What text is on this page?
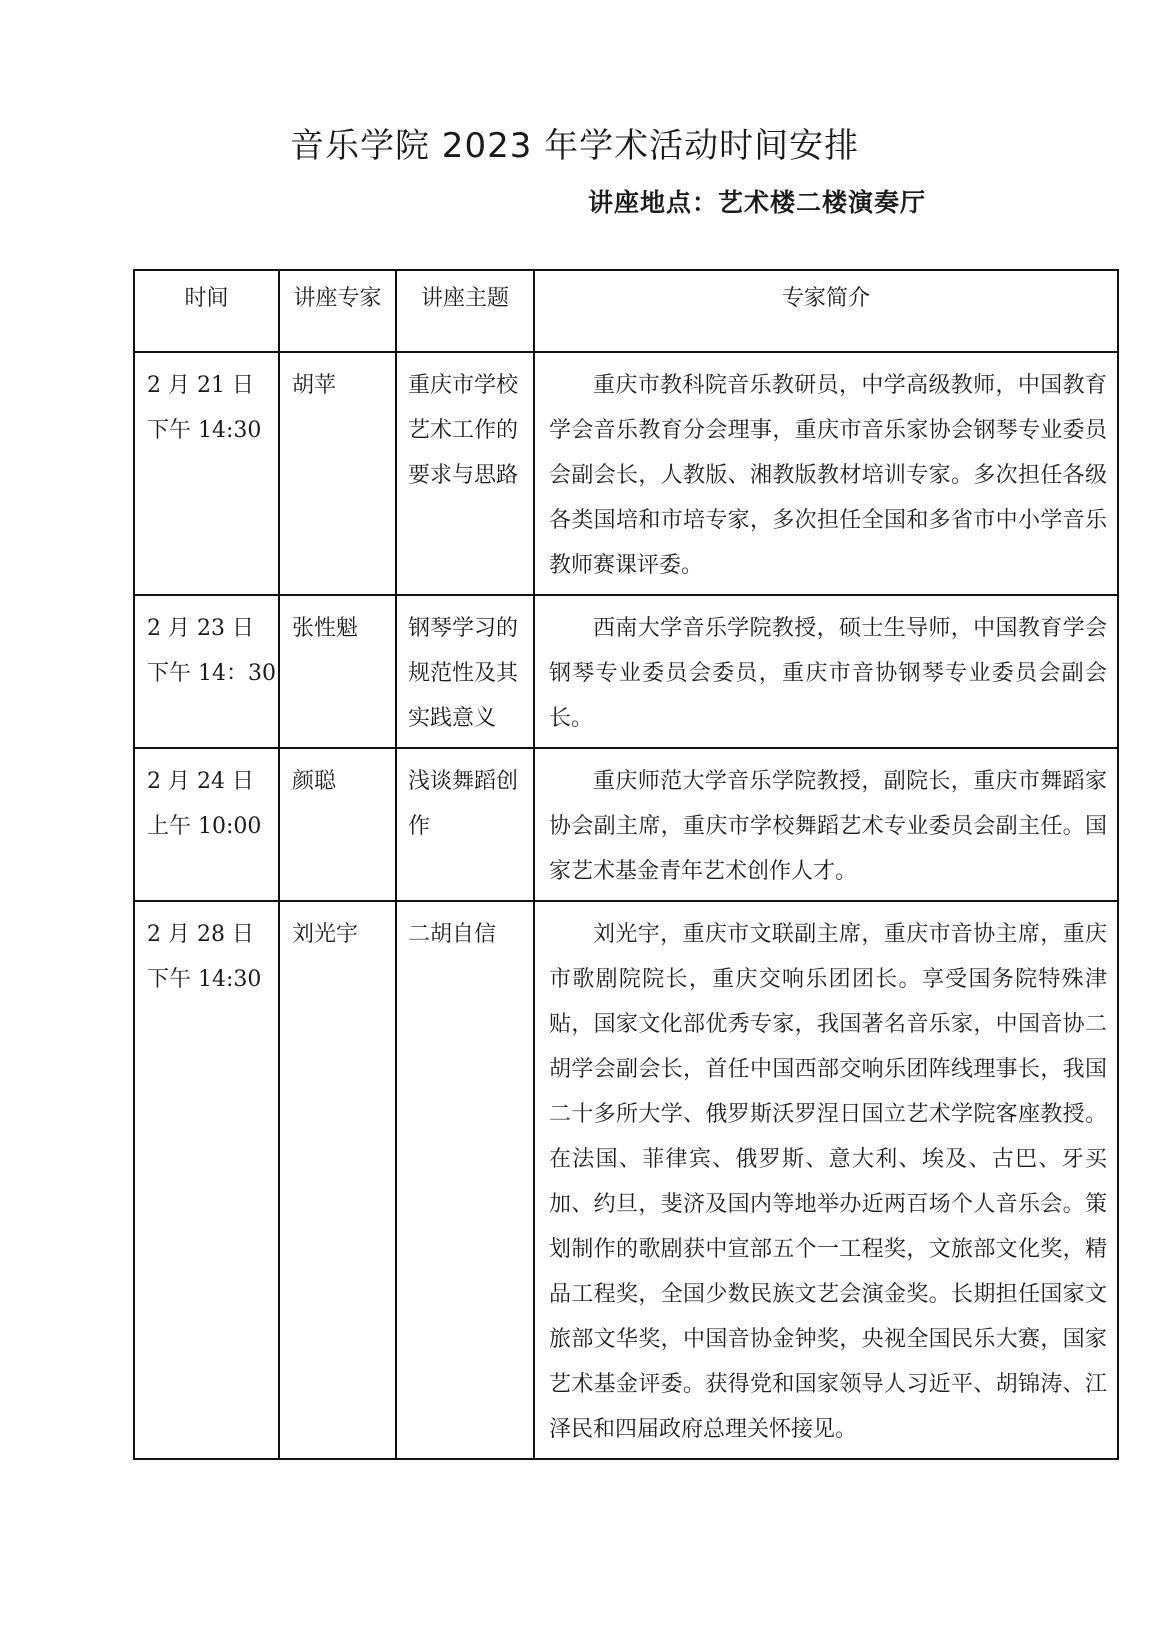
音乐学院 2023 年学术活动时间安排
讲座地点：艺术楼二楼演奏厅
时间	讲座专家	讲座主题	专家简介

2 月 21 日
下午 14:30	胡苹	重庆市学校艺术工作的要求与思路	重庆市教科院音乐教研员，中学高级教师，中国教育学会音乐教育分会理事，重庆市音乐家协会钢琴专业委员会副会长，人教版、湘教版教材培训专家。多次担任各级各类国培和市培专家，多次担任全国和多省市中小学音乐教师赛课评委。

2 月 23 日
下午 14：30	张性魁	钢琴学习的规范性及其实践意义	西南大学音乐学院教授，硕士生导师，中国教育学会钢琴专业委员会委员，重庆市音协钢琴专业委员会副会长。

2 月 24 日
上午 10:00	颜聪	浅谈舞蹈创作	重庆师范大学音乐学院教授，副院长，重庆市舞蹈家协会副主席，重庆市学校舞蹈艺术专业委员会副主任。国家艺术基金青年艺术创作人才。

2 月 28 日
下午 14:30	刘光宇	二胡自信	刘光宇，重庆市文联副主席，重庆市音协主席，重庆市歌剧院院长，重庆交响乐团团长。享受国务院特殊津贴，国家文化部优秀专家，我国著名音乐家，中国音协二胡学会副会长，首任中国西部交响乐团阵线理事长，我国二十多所大学、俄罗斯沃罗涅日国立艺术学院客座教授。在法国、菲律宾、俄罗斯、意大利、埃及、古巴、牙买加、约旦，斐济及国内等地举办近两百场个人音乐会。策划制作的歌剧获中宣部五个一工程奖，文旅部文化奖，精品工程奖，全国少数民族文艺会演金奖。长期担任国家文旅部文华奖，中国音协金钟奖，央视全国民乐大赛，国家艺术基金评委。获得党和国家领导人习近平、胡锦涛、江泽民和四届政府总理关怀接见。
